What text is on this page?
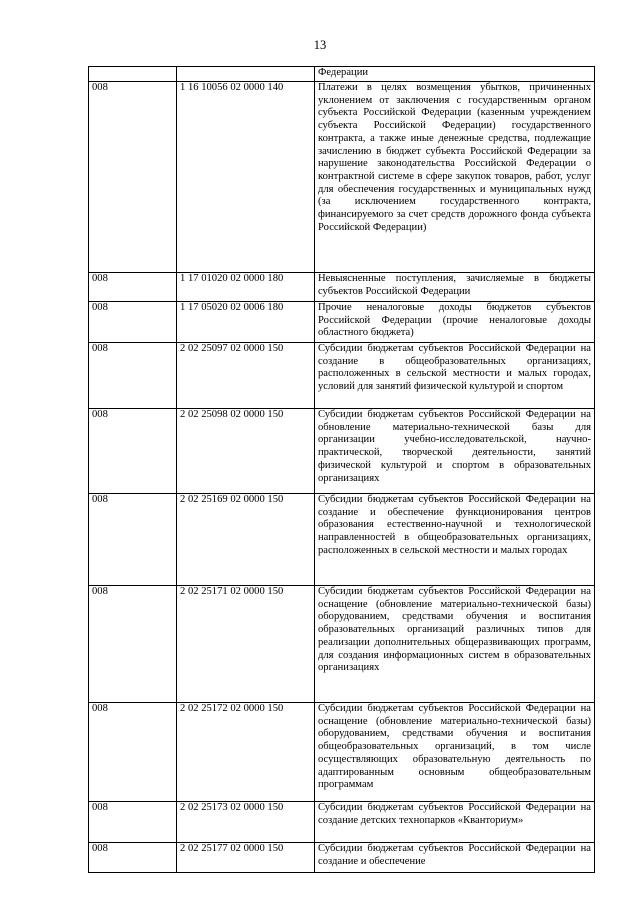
13
		Федерации
008	1 16 10056 02 0000 140	Платежи в целях возмещения убытков, причиненных уклонением от заключения с государственным органом субъекта Российской Федерации (казенным учреждением субъекта Российской Федерации) государственного контракта, а также иные денежные средства, подлежащие зачислению в бюджет субъекта Российской Федерации за нарушение законодательства Российской Федерации о контрактной системе в сфере закупок товаров, работ, услуг для обеспечения государственных и муниципальных нужд (за исключением государственного контракта, финансируемого за счет средств дорожного фонда субъекта Российской Федерации)
008	1 17 01020 02 0000 180	Невыясненные поступления, зачисляемые в бюджеты субъектов Российской Федерации
008	1 17 05020 02 0006 180	Прочие неналоговые доходы бюджетов субъектов Российской Федерации (прочие неналоговые доходы областного бюджета)
008	2 02 25097 02 0000 150	Субсидии бюджетам субъектов Российской Федерации на создание в общеобразовательных организациях, расположенных в сельской местности и малых городах, условий для занятий физической культурой и спортом
008	2 02 25098 02 0000 150	Субсидии бюджетам субъектов Российской Федерации на обновление материально-технической базы для организации учебно-исследовательской, научно-практической, творческой деятельности, занятий физической культурой и спортом в образовательных организациях
008	2 02 25169 02 0000 150	Субсидии бюджетам субъектов Российской Федерации на создание и обеспечение функционирования центров образования естественно-научной и технологической направленностей в общеобразовательных организациях, расположенных в сельской местности и малых городах
008	2 02 25171 02 0000 150	Субсидии бюджетам субъектов Российской Федерации на оснащение (обновление материально-технической базы) оборудованием, средствами обучения и воспитания образовательных организаций различных типов для реализации дополнительных общеразвивающих программ, для создания информационных систем в образовательных организациях
008	2 02 25172 02 0000 150	Субсидии бюджетам субъектов Российской Федерации на оснащение (обновление материально-технической базы) оборудованием, средствами обучения и воспитания общеобразовательных организаций, в том числе осуществляющих образовательную деятельность по адаптированным основным общеобразовательным программам
008	2 02 25173 02 0000 150	Субсидии бюджетам субъектов Российской Федерации на создание детских технопарков «Кванториум»
008	2 02 25177 02 0000 150	Субсидии бюджетам субъектов Российской Федерации на создание и обеспечение
